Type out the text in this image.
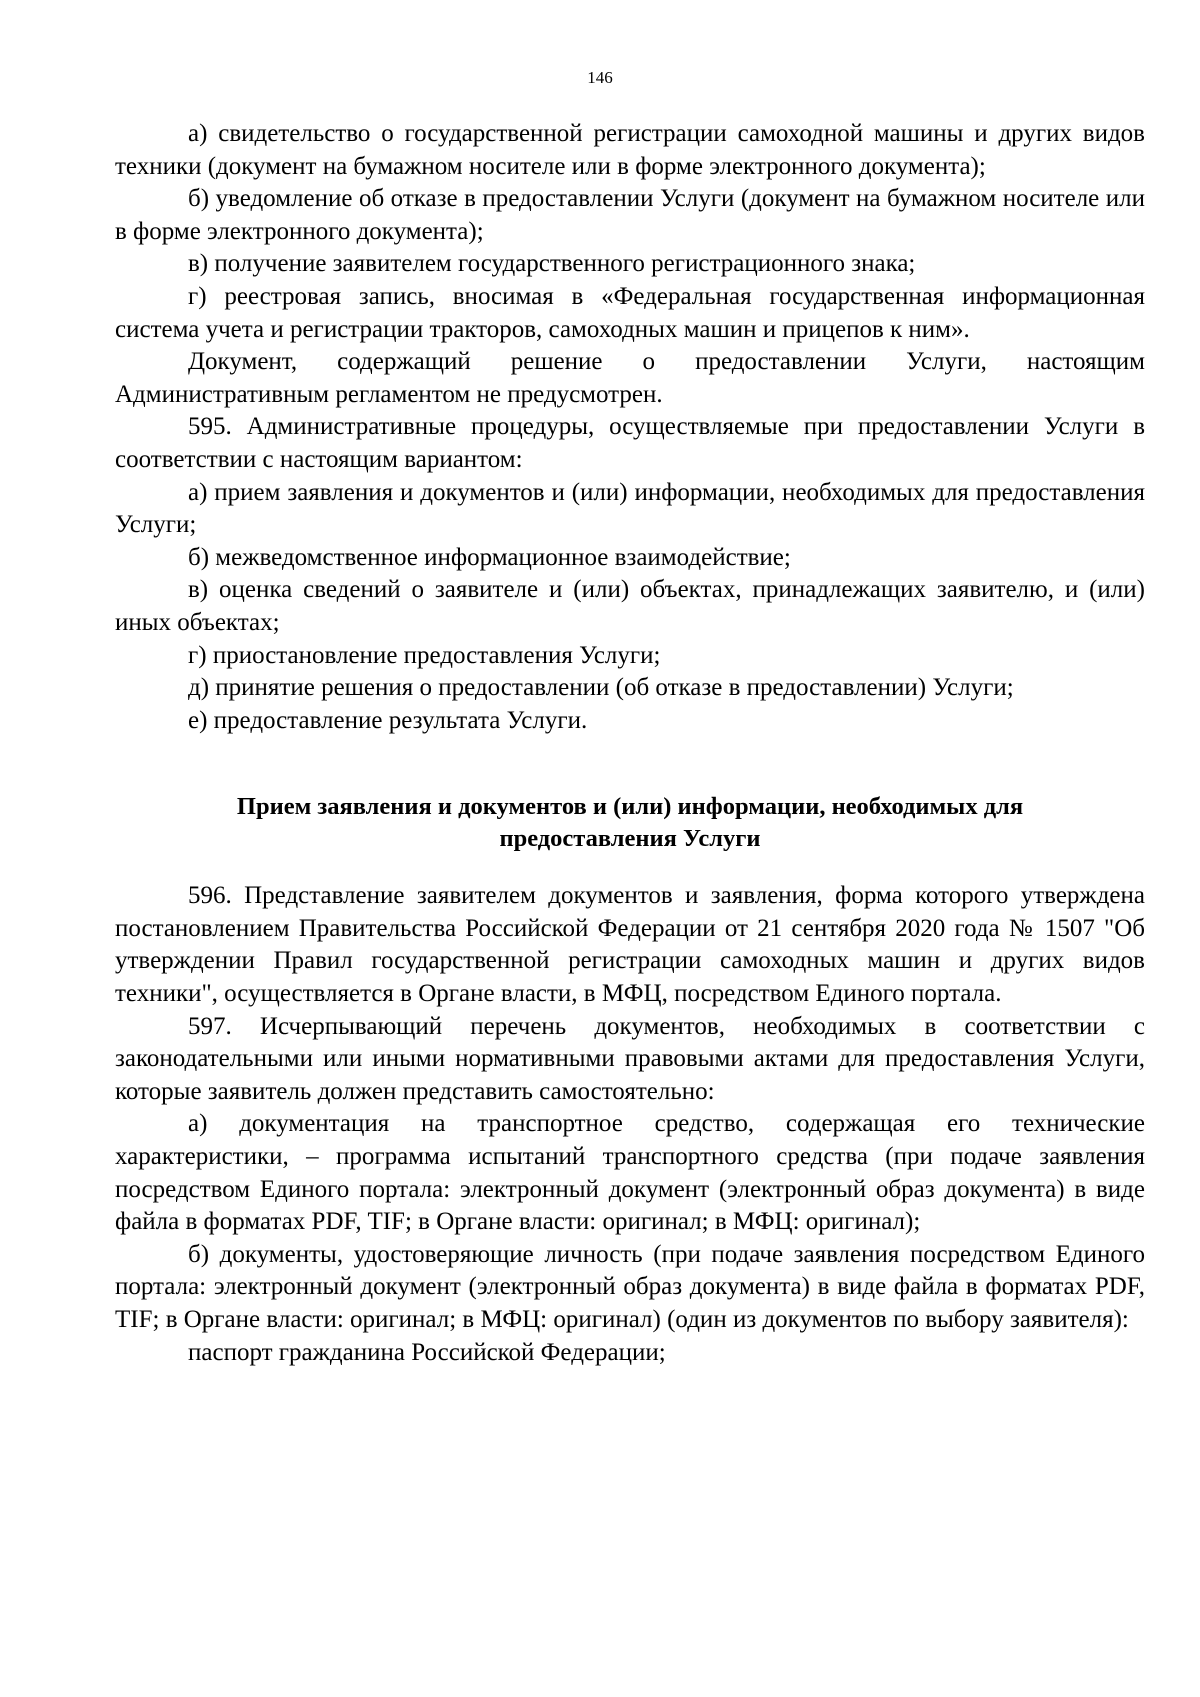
146

а) свидетельство о государственной регистрации самоходной машины и других видов техники (документ на бумажном носителе или в форме электронного документа);

б) уведомление об отказе в предоставлении Услуги (документ на бумажном носителе или в форме электронного документа);

в) получение заявителем государственного регистрационного знака;

г) реестровая запись, вносимая в «Федеральная государственная информационная система учета и регистрации тракторов, самоходных машин и прицепов к ним».

Документ, содержащий решение о предоставлении Услуги, настоящим Административным регламентом не предусмотрен.

595. Административные процедуры, осуществляемые при предоставлении Услуги в соответствии с настоящим вариантом:

а) прием заявления и документов и (или) информации, необходимых для предоставления Услуги;

б) межведомственное информационное взаимодействие;

в) оценка сведений о заявителе и (или) объектах, принадлежащих заявителю, и (или) иных объектах;

г) приостановление предоставления Услуги;

д) принятие решения о предоставлении (об отказе в предоставлении) Услуги;

е) предоставление результата Услуги.

Прием заявления и документов и (или) информации, необходимых для предоставления Услуги

596. Представление заявителем документов и заявления, форма которого утверждена постановлением Правительства Российской Федерации от 21 сентября 2020 года № 1507 "Об утверждении Правил государственной регистрации самоходных машин и других видов техники", осуществляется в Органе власти, в МФЦ, посредством Единого портала.

597. Исчерпывающий перечень документов, необходимых в соответствии с законодательными или иными нормативными правовыми актами для предоставления Услуги, которые заявитель должен представить самостоятельно:

а) документация на транспортное средство, содержащая его технические характеристики, – программа испытаний транспортного средства (при подаче заявления посредством Единого портала: электронный документ (электронный образ документа) в виде файла в форматах PDF, TIF; в Органе власти: оригинал; в МФЦ: оригинал);

б) документы, удостоверяющие личность (при подаче заявления посредством Единого портала: электронный документ (электронный образ документа) в виде файла в форматах PDF, TIF; в Органе власти: оригинал; в МФЦ: оригинал) (один из документов по выбору заявителя):

паспорт гражданина Российской Федерации;
